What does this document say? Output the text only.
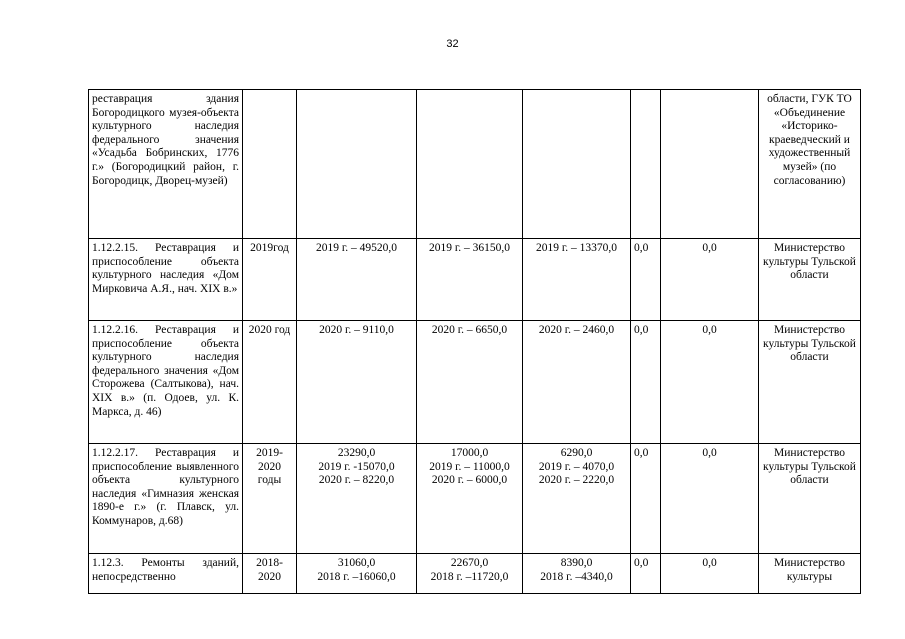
32
реставрация здания Богородицкого музея-объекта культурного наследия федерального значения «Усадьба Бобринских, 1776 г.» (Богородицкий район, г. Богородицк, Дворец-музей)							области, ГУК ТО «Объединение «Историко-краеведческий и художественный музей» (по согласованию)
1.12.2.15. Реставрация и приспособление объекта культурного наследия «Дом Мирковича А.Я., нач. XIX в.»	2019год	2019 г. – 49520,0	2019 г. – 36150,0	2019 г. – 13370,0	0,0	0,0	Министерство культуры Тульской области
1.12.2.16. Реставрация и приспособление объекта культурного наследия федерального значения «Дом Сторожева (Салтыкова), нач. XIX в.» (п. Одоев, ул. К. Маркса, д. 46)	2020 год	2020 г. – 9110,0	2020 г. – 6650,0	2020 г. – 2460,0	0,0	0,0	Министерство культуры Тульской области
1.12.2.17. Реставрация и приспособление выявленного объекта культурного наследия «Гимназия женская 1890-е г.» (г. Плавск, ул. Коммунаров, д.68)	2019-2020 годы	23290,0
2019 г. -15070,0
2020 г. – 8220,0	17000,0
2019 г. – 11000,0
2020 г. – 6000,0	6290,0
2019 г. – 4070,0
2020 г. – 2220,0	0,0	0,0	Министерство культуры Тульской области
1.12.3. Ремонты зданий, непосредственно	2018-2020	31060,0
2018 г. –16060,0	22670,0
2018 г. –11720,0	8390,0
2018 г. –4340,0	0,0	0,0	Министерство культуры
